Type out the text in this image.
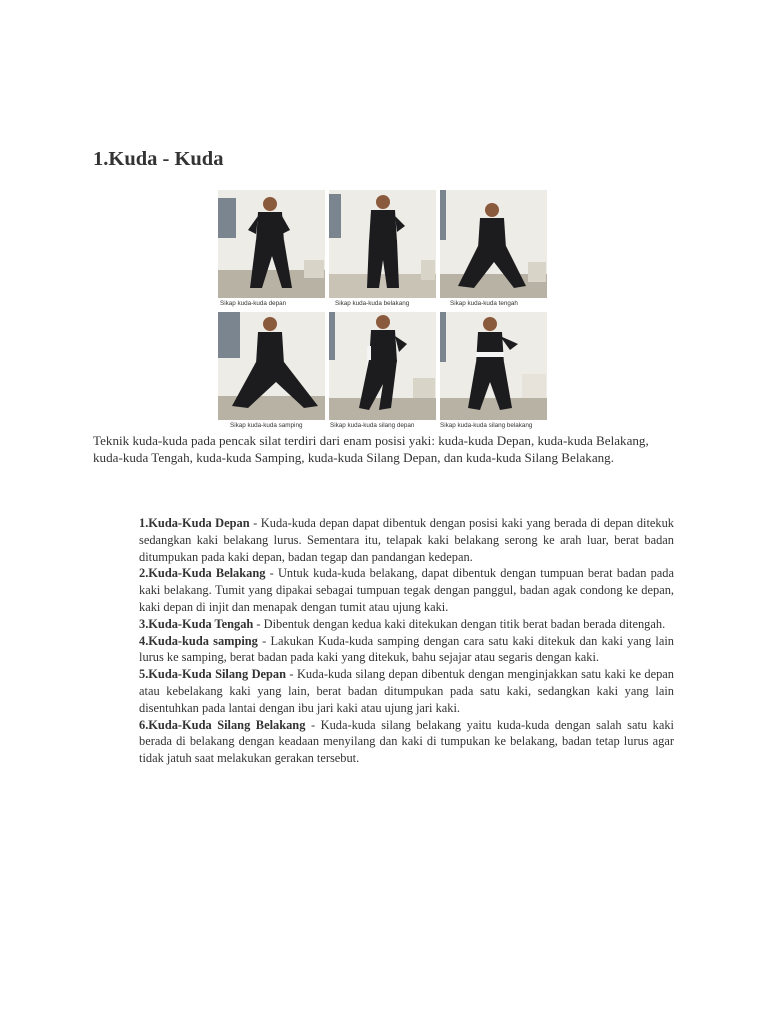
1.Kuda - Kuda
Sikap kuda-kuda depan	Sikap kuda-kuda belakang	Sikap kuda-kuda tengah
Sikap kuda-kuda samping	Sikap kuda-kuda silang depan	Sikap kuda-kuda silang belakang

Teknik kuda-kuda pada pencak silat terdiri dari enam posisi yaki: kuda-kuda Depan, kuda-kuda Belakang, kuda-kuda Tengah, kuda-kuda Samping, kuda-kuda Silang Depan, dan kuda-kuda Silang Belakang.

1.Kuda-Kuda Depan - Kuda-kuda depan dapat dibentuk dengan posisi kaki yang berada di depan ditekuk sedangkan kaki belakang lurus. Sementara itu, telapak kaki belakang serong ke arah luar, berat badan ditumpukan pada kaki depan, badan tegap dan pandangan kedepan.
2.Kuda-Kuda Belakang - Untuk kuda-kuda belakang, dapat dibentuk dengan tumpuan berat badan pada kaki belakang. Tumit yang dipakai sebagai tumpuan tegak dengan panggul, badan agak condong ke depan, kaki depan di injit dan menapak dengan tumit atau ujung kaki.
3.Kuda-Kuda Tengah - Dibentuk dengan kedua kaki ditekukan dengan titik berat badan berada ditengah.
4.Kuda-kuda samping - Lakukan Kuda-kuda samping dengan cara satu kaki ditekuk dan kaki yang lain lurus ke samping, berat badan pada kaki yang ditekuk, bahu sejajar atau segaris dengan kaki.
5.Kuda-Kuda Silang Depan - Kuda-kuda silang depan dibentuk dengan menginjakkan satu kaki ke depan atau kebelakang kaki yang lain, berat badan ditumpukan pada satu kaki, sedangkan kaki yang lain disentuhkan pada lantai dengan ibu jari kaki atau ujung jari kaki.
6.Kuda-Kuda Silang Belakang - Kuda-kuda silang belakang yaitu kuda-kuda dengan salah satu kaki berada di belakang dengan keadaan menyilang dan kaki di tumpukan ke belakang, badan tetap lurus agar tidak jatuh saat melakukan gerakan tersebut.
